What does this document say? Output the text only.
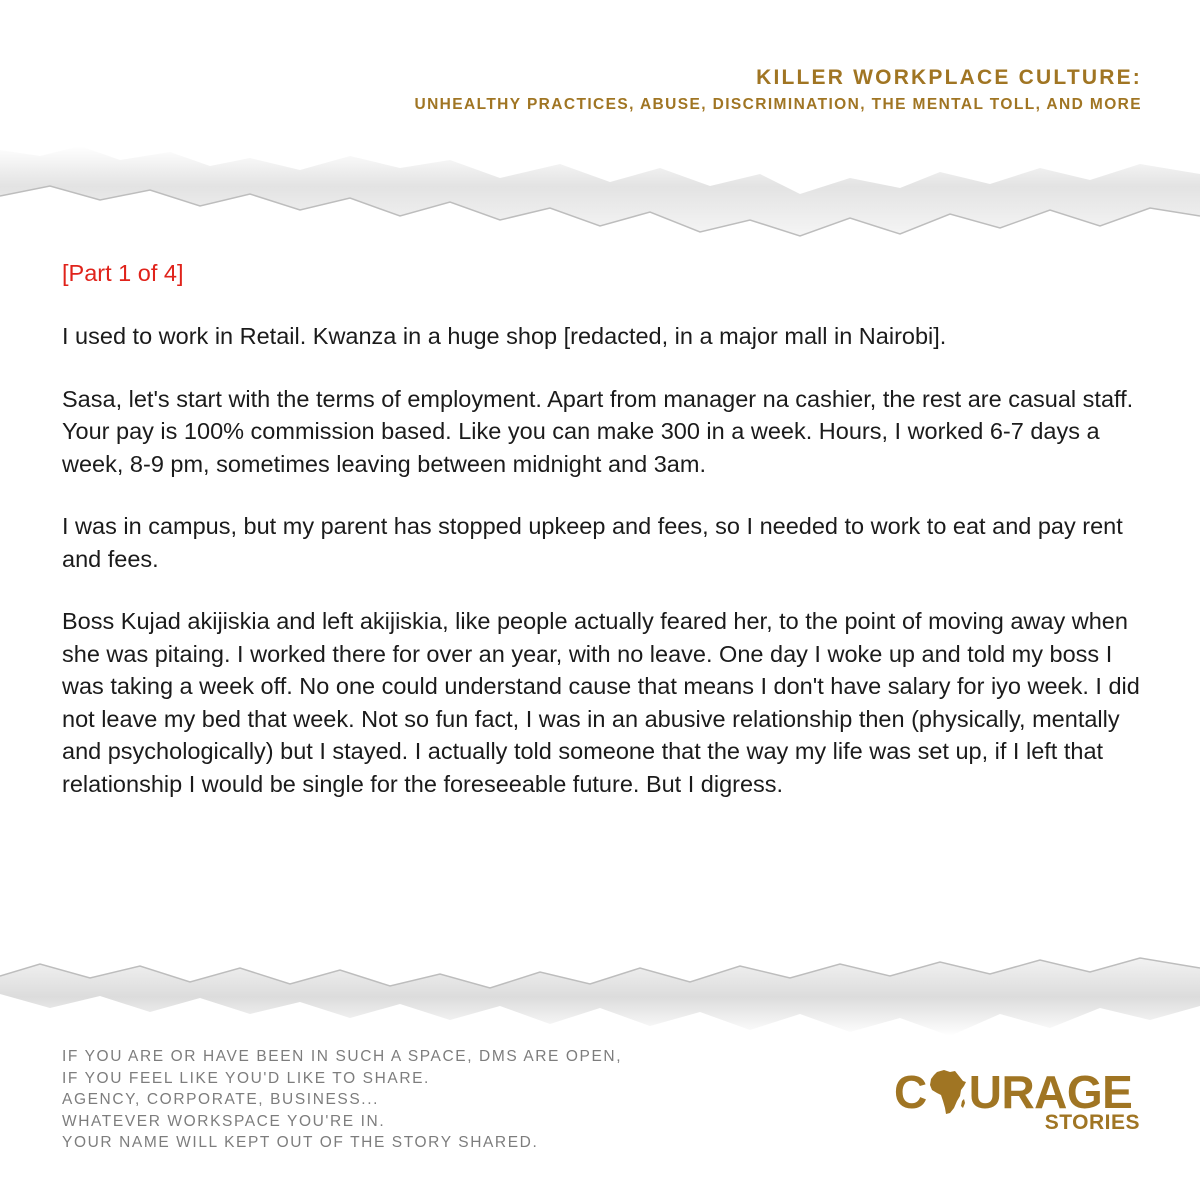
KILLER WORKPLACE CULTURE:
UNHEALTHY PRACTICES, ABUSE, DISCRIMINATION, THE MENTAL TOLL, AND MORE

[Part 1 of 4]

I used to work in Retail. Kwanza in a huge shop [redacted, in a major mall in Nairobi].

Sasa, let's start with the terms of employment. Apart from manager na cashier, the rest are casual staff. Your pay is 100% commission based. Like you can make 300 in a week. Hours, I worked 6-7 days a week, 8-9 pm, sometimes leaving between midnight and 3am.

I was in campus, but my parent has stopped upkeep and fees, so I needed to work to eat and pay rent and fees.

Boss Kujad akijiskia and left akijiskia, like people actually feared her, to the point of moving away when she was pitaing. I worked there for over an year, with no leave. One day I woke up and told my boss I was taking a week off. No one could understand cause that means I don't have salary for iyo week. I did not leave my bed that week. Not so fun fact, I was in an abusive relationship then (physically, mentally and psychologically) but I stayed. I actually told someone that the way my life was set up, if I left that relationship I would be single for the foreseeable future. But I digress.

IF YOU ARE OR HAVE BEEN IN SUCH A SPACE, DMS ARE OPEN,
IF YOU FEEL LIKE YOU'D LIKE TO SHARE.
AGENCY, CORPORATE, BUSINESS...
WHATEVER WORKSPACE YOU'RE IN.
YOUR NAME WILL KEPT OUT OF THE STORY SHARED.
C URAGE
STORIES
